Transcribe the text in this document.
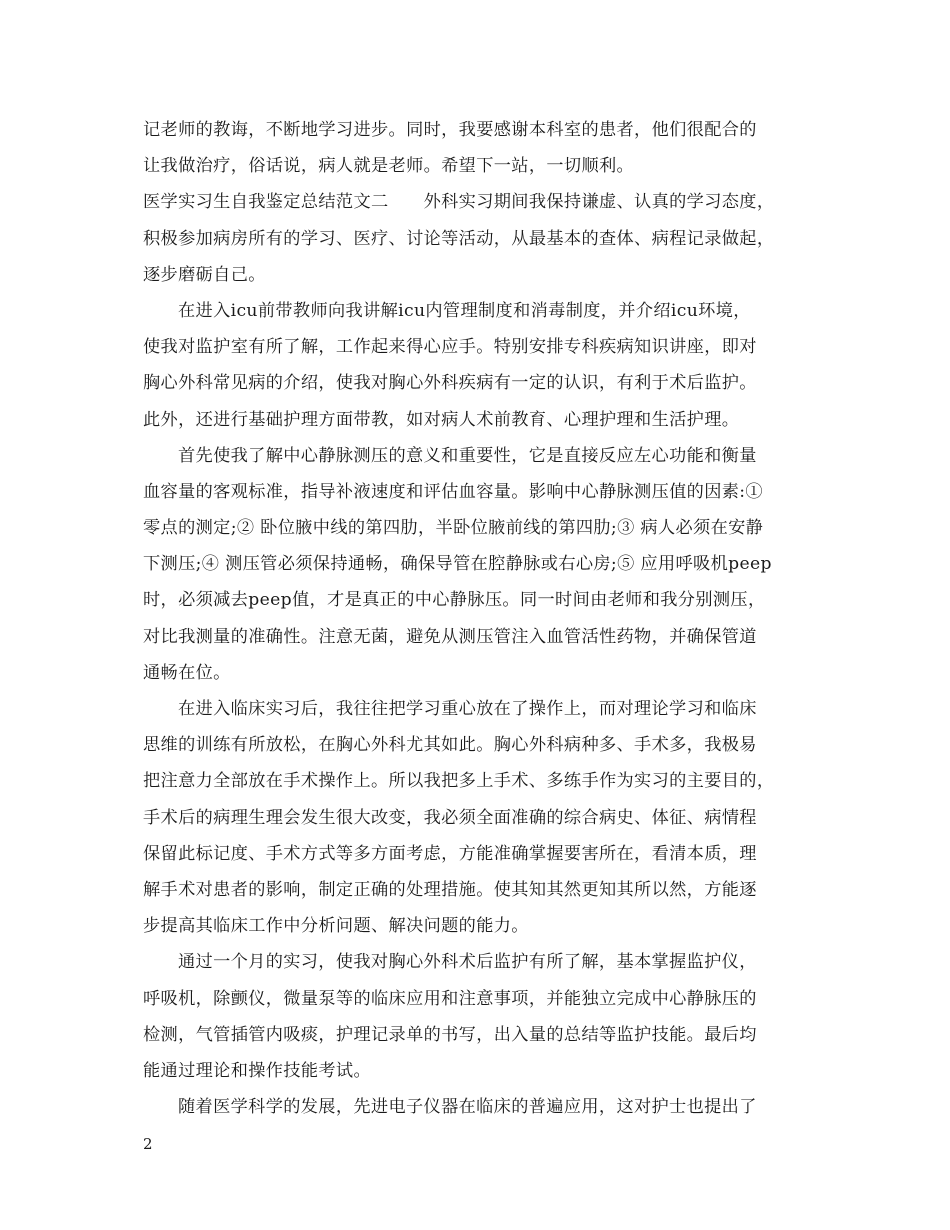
记老师的教诲，不断地学习进步。同时，我要感谢本科室的患者，他们很配合的
让我做治疗，俗话说，病人就是老师。希望下一站，一切顺利。
医学实习生自我鉴定总结范文二　　外科实习期间我保持谦虚、认真的学习态度，
积极参加病房所有的学习、医疗、讨论等活动，从最基本的查体、病程记录做起，
逐步磨砺自己。
在进入icu前带教师向我讲解icu内管理制度和消毒制度，并介绍icu环境，
使我对监护室有所了解，工作起来得心应手。特别安排专科疾病知识讲座，即对
胸心外科常见病的介绍，使我对胸心外科疾病有一定的认识，有利于术后监护。
此外，还进行基础护理方面带教，如对病人术前教育、心理护理和生活护理。
首先使我了解中心静脉测压的意义和重要性，它是直接反应左心功能和衡量
血容量的客观标准，指导补液速度和评估血容量。影响中心静脉测压值的因素:①
零点的测定;② 卧位腋中线的第四肋，半卧位腋前线的第四肋;③ 病人必须在安静
下测压;④ 测压管必须保持通畅，确保导管在腔静脉或右心房;⑤ 应用呼吸机peep
时，必须减去peep值，才是真正的中心静脉压。同一时间由老师和我分别测压，
对比我测量的准确性。注意无菌，避免从测压管注入血管活性药物，并确保管道
通畅在位。
在进入临床实习后，我往往把学习重心放在了操作上，而对理论学习和临床
思维的训练有所放松，在胸心外科尤其如此。胸心外科病种多、手术多，我极易
把注意力全部放在手术操作上。所以我把多上手术、多练手作为实习的主要目的，
手术后的病理生理会发生很大改变，我必须全面准确的综合病史、体征、病情程
保留此标记度、手术方式等多方面考虑，方能准确掌握要害所在，看清本质，理
解手术对患者的影响，制定正确的处理措施。使其知其然更知其所以然，方能逐
步提高其临床工作中分析问题、解决问题的能力。
通过一个月的实习，使我对胸心外科术后监护有所了解，基本掌握监护仪，
呼吸机，除颤仪，微量泵等的临床应用和注意事项，并能独立完成中心静脉压的
检测，气管插管内吸痰，护理记录单的书写，出入量的总结等监护技能。最后均
能通过理论和操作技能考试。
随着医学科学的发展，先进电子仪器在临床的普遍应用，这对护士也提出了
2
